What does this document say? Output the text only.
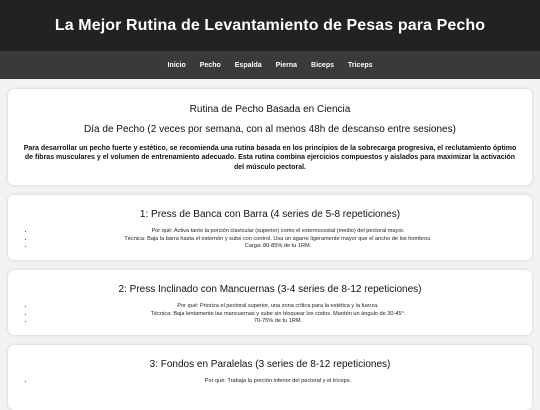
La Mejor Rutina de Levantamiento de Pesas para Pecho
Inicio	Pecho	Espalda	Pierna	Biceps	Triceps
Rutina de Pecho Basada en Ciencia
Día de Pecho (2 veces por semana, con al menos 48h de descanso entre sesiones)

Para desarrollar un pecho fuerte y estético, se recomienda una rutina basada en los principios de la sobrecarga progresiva, el reclutamiento óptimo de fibras musculares y el volumen de entrenamiento adecuado. Esta rutina combina ejercicios compuestos y aislados para maximizar la activación del músculo pectoral.

1: Press de Banca con Barra (4 series de 5-8 repeticiones)
• Por qué: Activa tanto la porción clavicular (superior) como el esternocostal (medio) del pectoral mayor.
• Técnica: Baja la barra hasta el esternón y sube con control. Usa un agarre ligeramente mayor que el ancho de los hombros.
• Carga: 80-85% de tu 1RM.
2: Press Inclinado con Mancuernas (3-4 series de 8-12 repeticiones)
• Por qué: Prioriza el pectoral superior, una zona crítica para la estética y la fuerza.
• Técnica: Baja lentamente las mancuernas y sube sin bloquear los codos. Mantén un ángulo de 30-45°.
• 70-75% de tu 1RM.
3: Fondos en Paralelas (3 series de 8-12 repeticiones)
• Por qué: Trabaja la porción inferior del pectoral y el tríceps.
